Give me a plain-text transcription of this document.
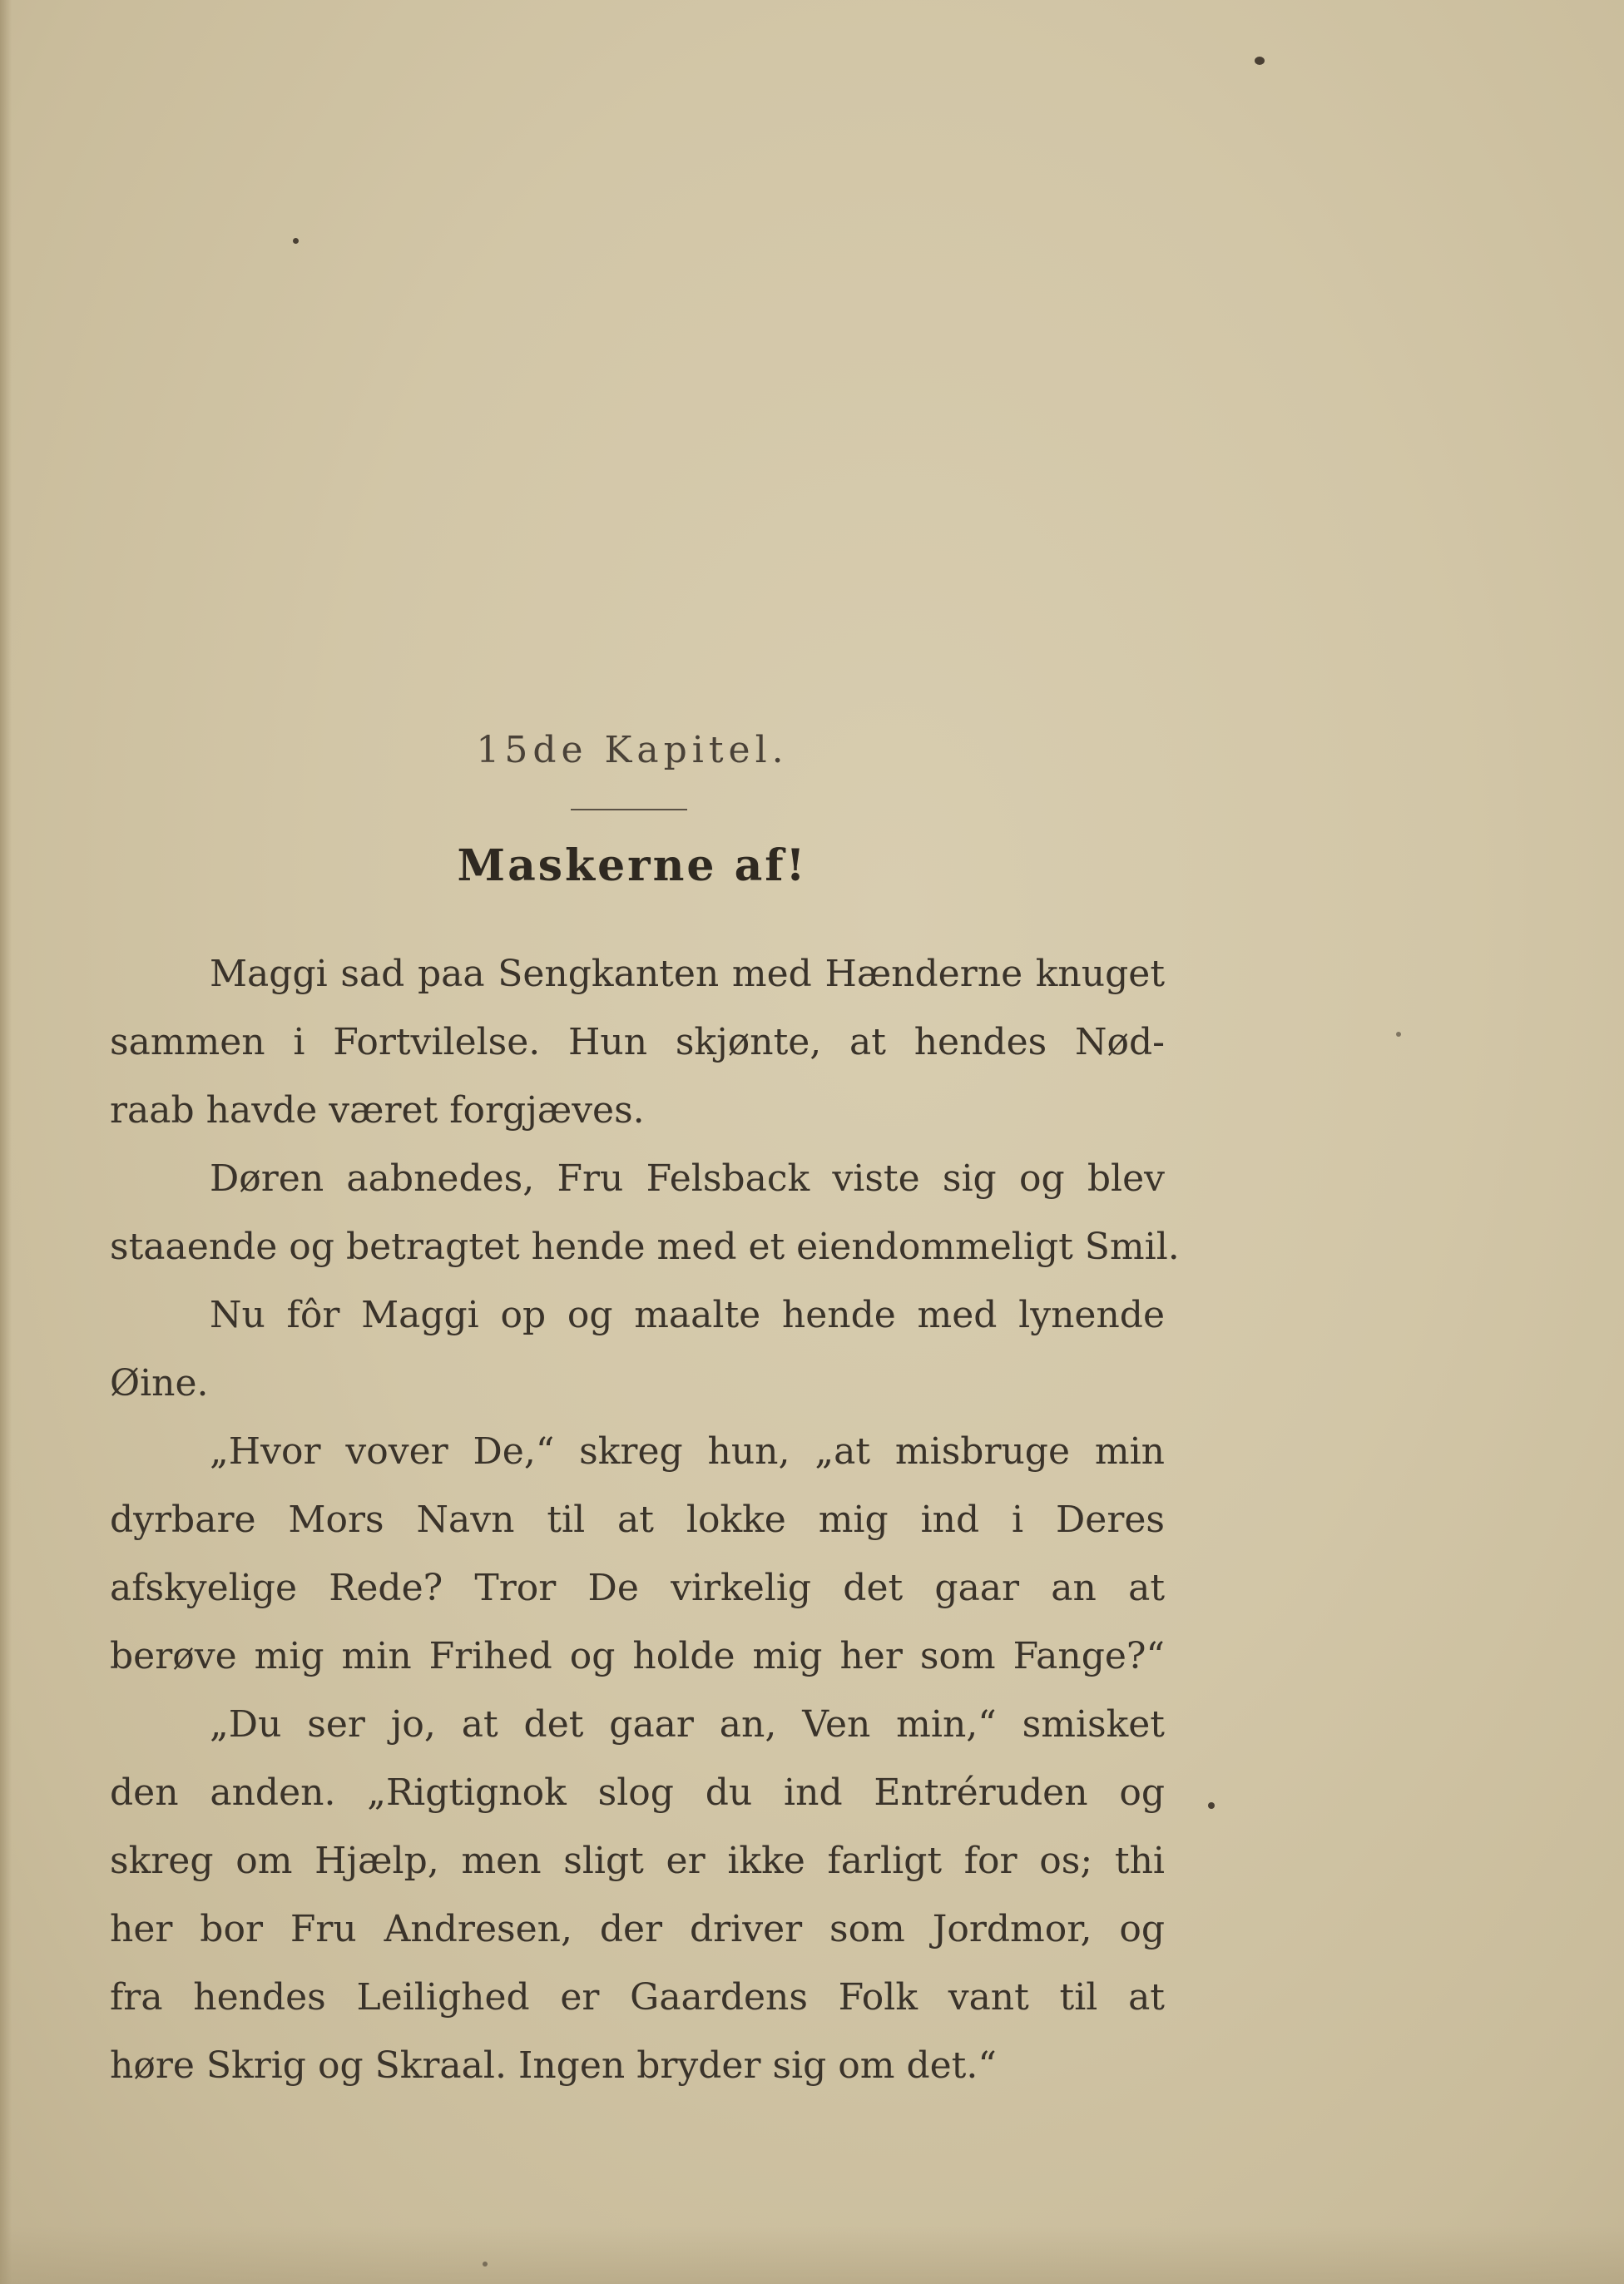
15de Kapitel.
Maskerne af!
Maggi sad paa Sengkanten med Hænderne knuget
sammen i Fortvilelse. Hun skjønte, at hendes Nød-
raab havde været forgjæves.
Døren aabnedes, Fru Felsback viste sig og blev
staaende og betragtet hende med et eiendommeligt Smil.
Nu fôr Maggi op og maalte hende med lynende
Øine.
„Hvor vover De,“ skreg hun, „at misbruge min
dyrbare Mors Navn til at lokke mig ind i Deres
afskyelige Rede? Tror De virkelig det gaar an at
berøve mig min Frihed og holde mig her som Fange?“
„Du ser jo, at det gaar an, Ven min,“ smisket
den anden. „Rigtignok slog du ind Entréruden og
skreg om Hjælp, men sligt er ikke farligt for os; thi
her bor Fru Andresen, der driver som Jordmor, og
fra hendes Leilighed er Gaardens Folk vant til at
høre Skrig og Skraal. Ingen bryder sig om det.“
